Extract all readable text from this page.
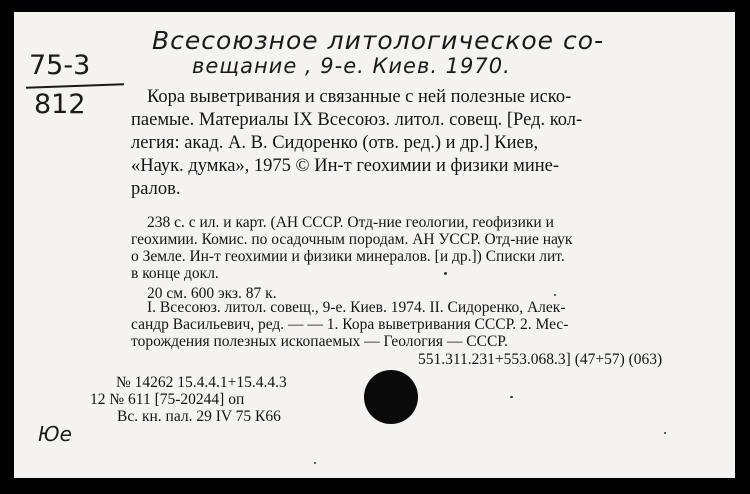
Всесоюзное литологическое со-
вещание , 9-е. Киев. 1970.
75-3
812	Кора выветривания и связанные с ней полезные иско-
паемые. Материалы IX Всесоюз. литол. совещ. [Ред. кол-
легия: акад. А. В. Сидоренко (отв. ред.) и др.] Киев,
«Наук. думка», 1975 © Ин-т геохимии и физики мине-
ралов.
238 с. с ил. и карт. (АН СССР. Отд-ние геологии, геофизики и
геохимии. Комис. по осадочным породам. АН УССР. Отд-ние наук
о Земле. Ин-т геохимии и физики минералов. [и др.]) Списки лит.
в конце докл.
20 см. 600 экз. 87 к.
I. Всесоюз. литол. совещ., 9-е. Киев. 1974. II. Сидоренко, Алек-
сандр Васильевич, ред. — — 1. Кора выветривания СССР. 2. Мес-
торождения полезных ископаемых — Геология — СССР.
551.311.231+553.068.3] (47+57) (063)
№ 14262 15.4.4.1+15.4.4.3
12 № 611 [75-20244] оп
Вс. кн. пал. 29 IV 75 К66
Юе
